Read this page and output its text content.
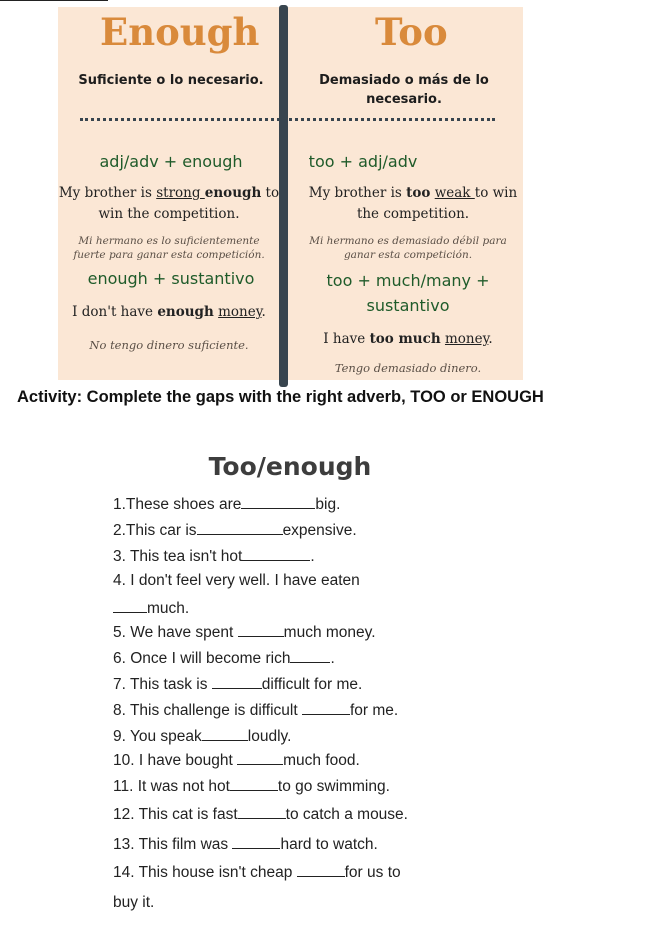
Enough
Suficiente o lo necesario.
adj/adv + enough
My brother is strong enough to
win the competition.
Mi hermano es lo suficientemente
fuerte para ganar esta competición.
enough + sustantivo
I don't have enough money.
No tengo dinero suficiente.
Too
Demasiado o más de lo
necesario.
too + adj/adv
My brother is too weak to win
the competition.
Mi hermano es demasiado débil para
ganar esta competición.
too + much/many +
sustantivo
I have too much money.
Tengo demasiado dinero.
Activity: Complete the gaps with the right adverb, TOO or ENOUGH
Too/enough
1.These shoes are	big.
2.This car is	expensive.
3. This tea isn't hot	.
4. I don't feel very well. I have eaten
much.
5. We have spent	much money.
6. Once I will become rich	.
7. This task is	difficult for me.
8. This challenge is difficult	for me.
9. You speak	loudly.
10. I have bought	much food.
11. It was not hot	to go swimming.
12. This cat is fast	to catch a mouse.
13. This film was	hard to watch.
14. This house isn't cheap	for us to
buy it.
